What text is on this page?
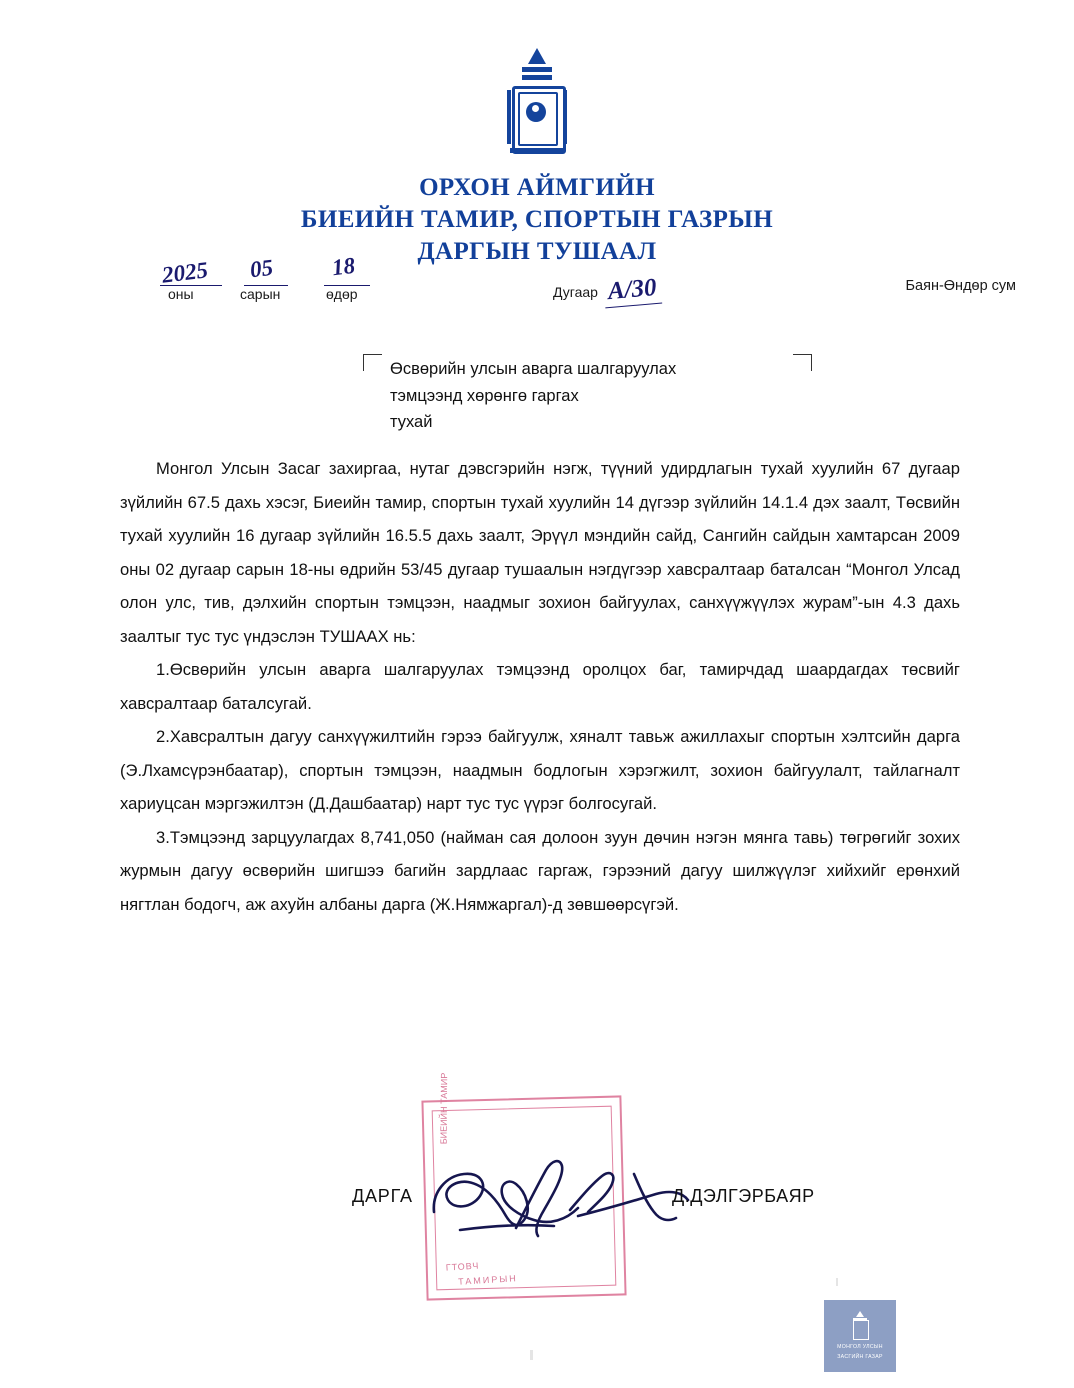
ОРХОН АЙМГИЙН
БИЕИЙН ТАМИР, СПОРТЫН ГАЗРЫН
ДАРГЫН ТУШААЛ
2025
оны
05
сарын
18
өдөр	Дугаар А/30	Баян-Өндөр сум

Өсвөрийн улсын аварга шалгаруулах

тэмцээнд хөрөнгө гаргах

тухай

Монгол Улсын Засаг захиргаа, нутаг дэвсгэрийн нэгж, түүний удирдлагын тухай хуулийн 67 дугаар зүйлийн 67.5 дахь хэсэг, Биеийн тамир, спортын тухай хуулийн 14 дүгээр зүйлийн 14.1.4 дэх заалт, Төсвийн тухай хуулийн 16 дугаар зүйлийн 16.5.5 дахь заалт, Эрүүл мэндийн сайд, Сангийн сайдын хамтарсан 2009 оны 02 дугаар сарын 18-ны өдрийн 53/45 дугаар тушаалын нэгдүгээр хавсралтаар баталсан “Монгол Улсад олон улс, тив, дэлхийн спортын тэмцээн, наадмыг зохион байгуулах, санхүүжүүлэх журам”-ын 4.3 дахь заалтыг тус тус үндэслэн ТУШААХ нь:

1.Өсвөрийн улсын аварга шалгаруулах тэмцээнд оролцох баг, тамирчдад шаардагдах төсвийг хавсралтаар баталсугай.

2.Хавсралтын дагуу санхүүжилтийн гэрээ байгуулж, хяналт тавьж ажиллахыг спортын хэлтсийн дарга (Э.Лхамсүрэнбаатар), спортын тэмцээн, наадмын бодлогын хэрэгжилт, зохион байгуулалт, тайлагналт хариуцсан мэргэжилтэн (Д.Дашбаатар) нарт тус тус үүрэг болгосугай.

3.Тэмцээнд зарцуулагдах 8,741,050 (найман сая долоон зуун дөчин нэгэн мянга тавь) төгрөгийг зохих журмын дагуу өсвөрийн шигшээ багийн зардлаас гаргаж, гэрээний дагуу шилжүүлэг хийхийг ерөнхий нягтлан бодогч, аж ахуйн албаны дарга (Ж.Нямжаргал)-д зөвшөөрсүгэй.

БИЕИЙН ТАМИР
ГТОВЧ
ТАМИРЫН
ДАРГА	Д.ДЭЛГЭРБАЯР
МОНГОЛ УЛСЫН
ЗАСГИЙН ГАЗАР
